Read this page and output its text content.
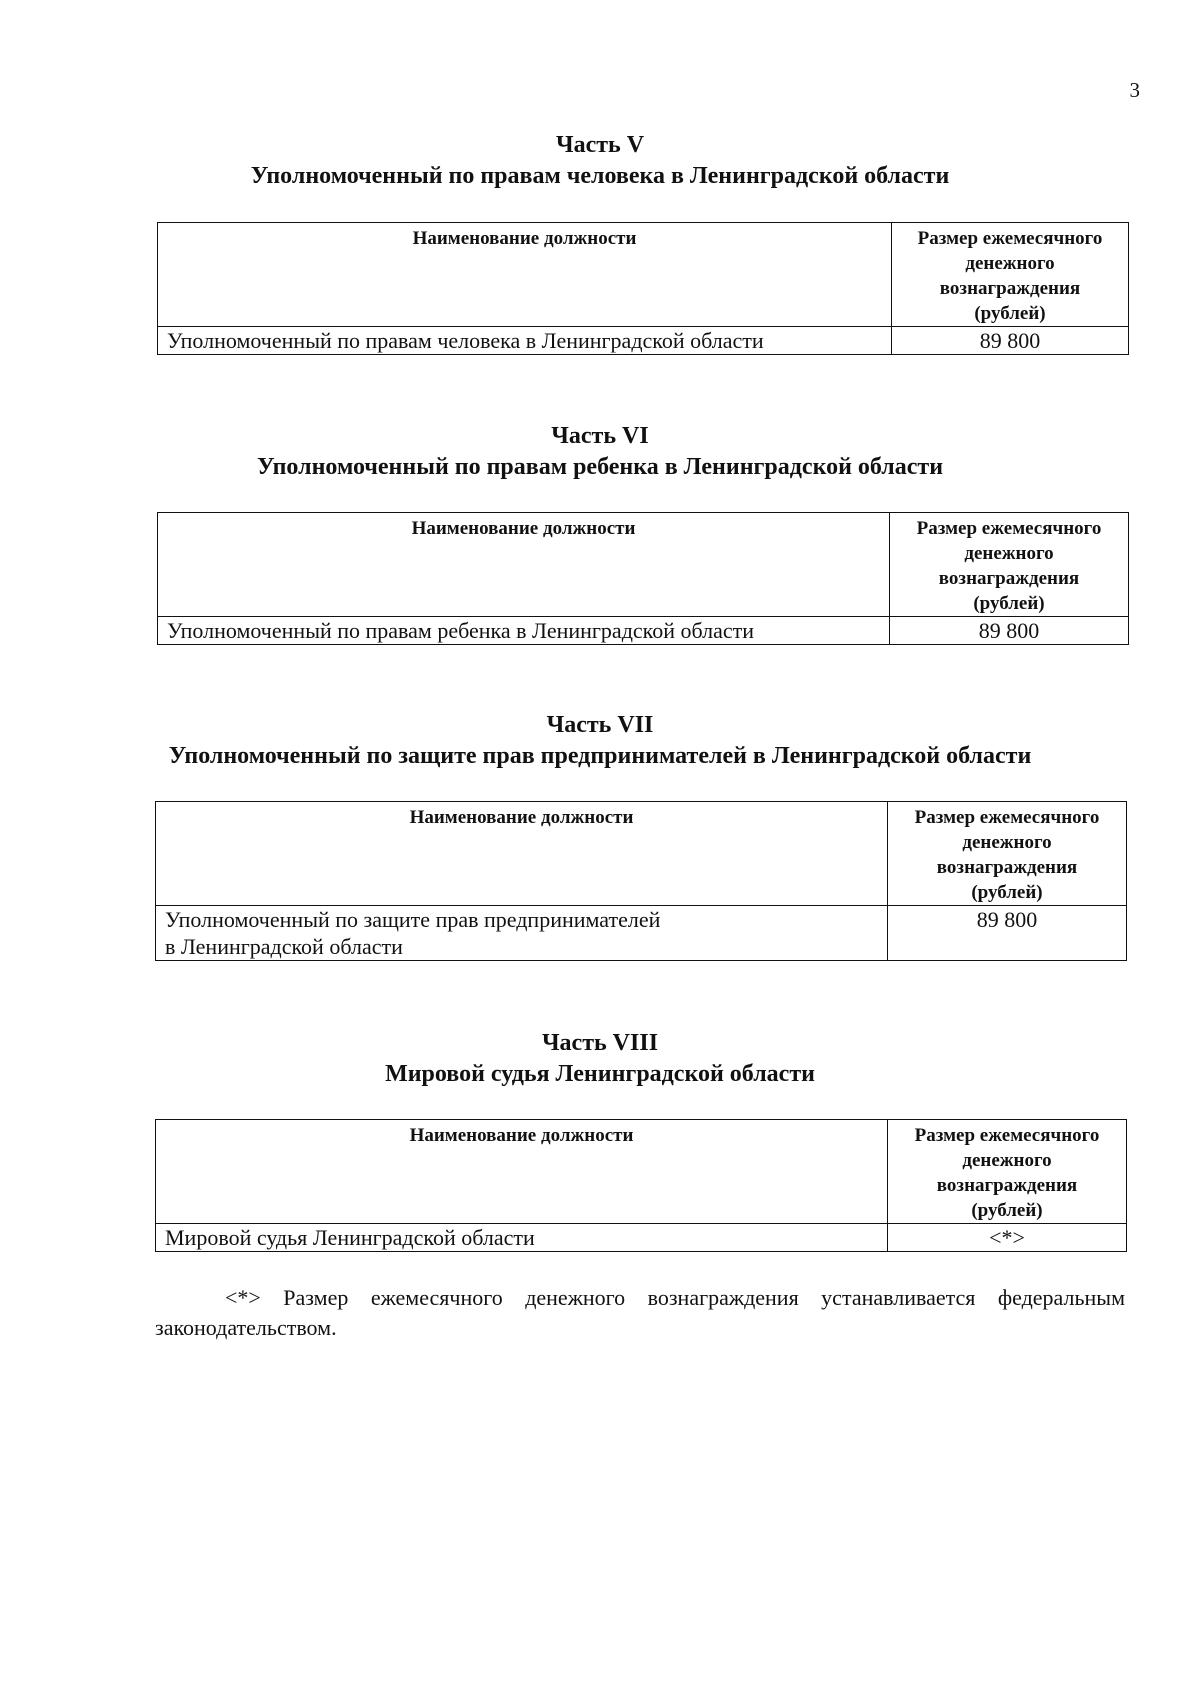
3
Часть V
Уполномоченный по правам человека в Ленинградской области
Наименование должности	Размер ежемесячного
денежного
вознаграждения
(рублей)

Уполномоченный по правам человека в Ленинградской области	89 800
Часть VI
Уполномоченный по правам ребенка в Ленинградской области
Наименование должности	Размер ежемесячного
денежного
вознаграждения
(рублей)

Уполномоченный по правам ребенка в Ленинградской области	89 800
Часть VII
Уполномоченный по защите прав предпринимателей в Ленинградской области
Наименование должности	Размер ежемесячного
денежного
вознаграждения
(рублей)

Уполномоченный по защите прав предпринимателей
в Ленинградской области	89 800
Часть VIII
Мировой судья Ленинградской области
Наименование должности	Размер ежемесячного
денежного
вознаграждения
(рублей)

Мировой судья Ленинградской области	<*>
<*> Размер ежемесячного денежного вознаграждения устанавливается федеральным
законодательством.
